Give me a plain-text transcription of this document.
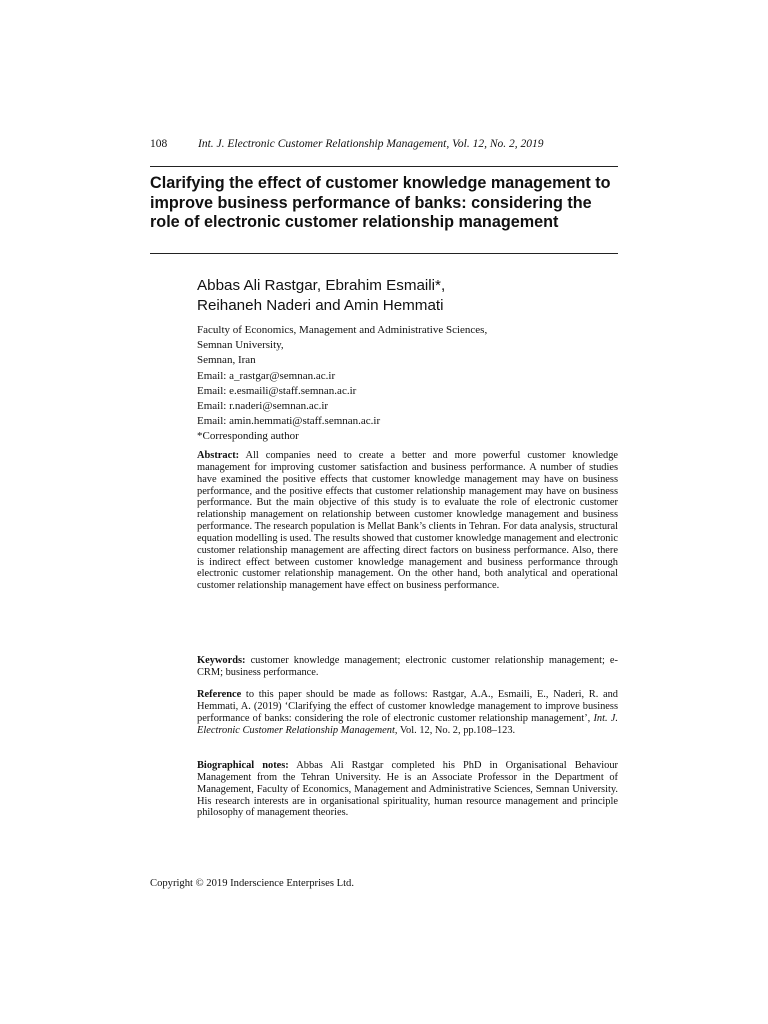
108	Int. J. Electronic Customer Relationship Management, Vol. 12, No. 2, 2019
Clarifying the effect of customer knowledge management to improve business performance of banks: considering the role of electronic customer relationship management
Abbas Ali Rastgar, Ebrahim Esmaili*,
Reihaneh Naderi and Amin Hemmati
Faculty of Economics, Management and Administrative Sciences,
Semnan University,
Semnan, Iran
Email: a_rastgar@semnan.ac.ir
Email: e.esmaili@staff.semnan.ac.ir
Email: r.naderi@semnan.ac.ir
Email: amin.hemmati@staff.semnan.ac.ir
*Corresponding author

Abstract: All companies need to create a better and more powerful customer knowledge management for improving customer satisfaction and business performance. A number of studies have examined the positive effects that customer knowledge management may have on business performance, and the positive effects that customer relationship management may have on business performance. But the main objective of this study is to evaluate the role of electronic customer relationship management on relationship between customer knowledge management and business performance. The research population is Mellat Bank’s clients in Tehran. For data analysis, structural equation modelling is used. The results showed that customer knowledge management and electronic customer relationship management are affecting direct factors on business performance. Also, there is indirect effect between customer knowledge management and business performance through electronic customer relationship management. On the other hand, both analytical and operational customer relationship management have effect on business performance.

Keywords: customer knowledge management; electronic customer relationship management; e-CRM; business performance.

Reference to this paper should be made as follows: Rastgar, A.A., Esmaili, E., Naderi, R. and Hemmati, A. (2019) ‘Clarifying the effect of customer knowledge management to improve business performance of banks: considering the role of electronic customer relationship management’, Int. J. Electronic Customer Relationship Management, Vol. 12, No. 2, pp.108–123.

Biographical notes: Abbas Ali Rastgar completed his PhD in Organisational Behaviour Management from the Tehran University. He is an Associate Professor in the Department of Management, Faculty of Economics, Management and Administrative Sciences, Semnan University. His research interests are in organisational spirituality, human resource management and principle philosophy of management theories.

Copyright © 2019 Inderscience Enterprises Ltd.
